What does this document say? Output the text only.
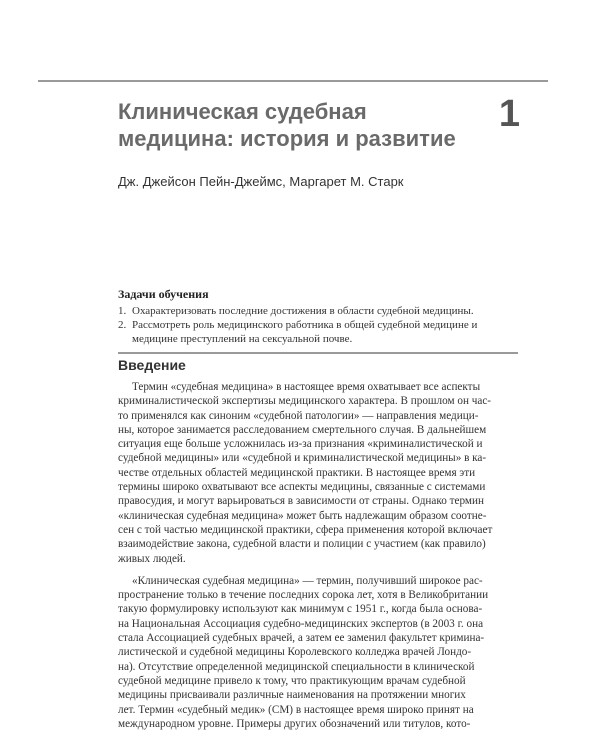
Клиническая судебная
медицина: история и развитие
1
Дж. Джейсон Пейн-Джеймс, Маргарет М. Старк
Задачи обучения
1. Охарактеризовать последние достижения в области судебной медицины.
2. Рассмотреть роль медицинского работника в общей судебной медицине и
медицине преступлений на сексуальной почве.
Введение
Термин «судебная медицина» в настоящее время охватывает все аспекты
криминалистической экспертизы медицинского характера. В прошлом он час-
то применялся как синоним «судебной патологии» — направления медици-
ны, которое занимается расследованием смертельного случая. В дальнейшем
ситуация еще больше усложнилась из-за признания «криминалистической и
судебной медицины» или «судебной и криминалистической медицины» в ка-
честве отдельных областей медицинской практики. В настоящее время эти
термины широко охватывают все аспекты медицины, связанные с системами
правосудия, и могут варьироваться в зависимости от страны. Однако термин
«клиническая судебная медицина» может быть надлежащим образом соотне-
сен с той частью медицинской практики, сфера применения которой включает
взаимодействие закона, судебной власти и полиции с участием (как правило)
живых людей.
«Клиническая судебная медицина» — термин, получивший широкое рас-
пространение только в течение последних сорока лет, хотя в Великобритании
такую формулировку используют как минимум с 1951 г., когда была основа-
на Национальная Ассоциация судебно-медицинских экспертов (в 2003 г. она
стала Ассоциацией судебных врачей, а затем ее заменил факультет кримина-
листической и судебной медицины Королевского колледжа врачей Лондо-
на). Отсутствие определенной медицинской специальности в клинической
судебной медицине привело к тому, что практикующим врачам судебной
медицины присваивали различные наименования на протяжении многих
лет. Термин «судебный медик» (СМ) в настоящее время широко принят на
международном уровне. Примеры других обозначений или титулов, кото-
